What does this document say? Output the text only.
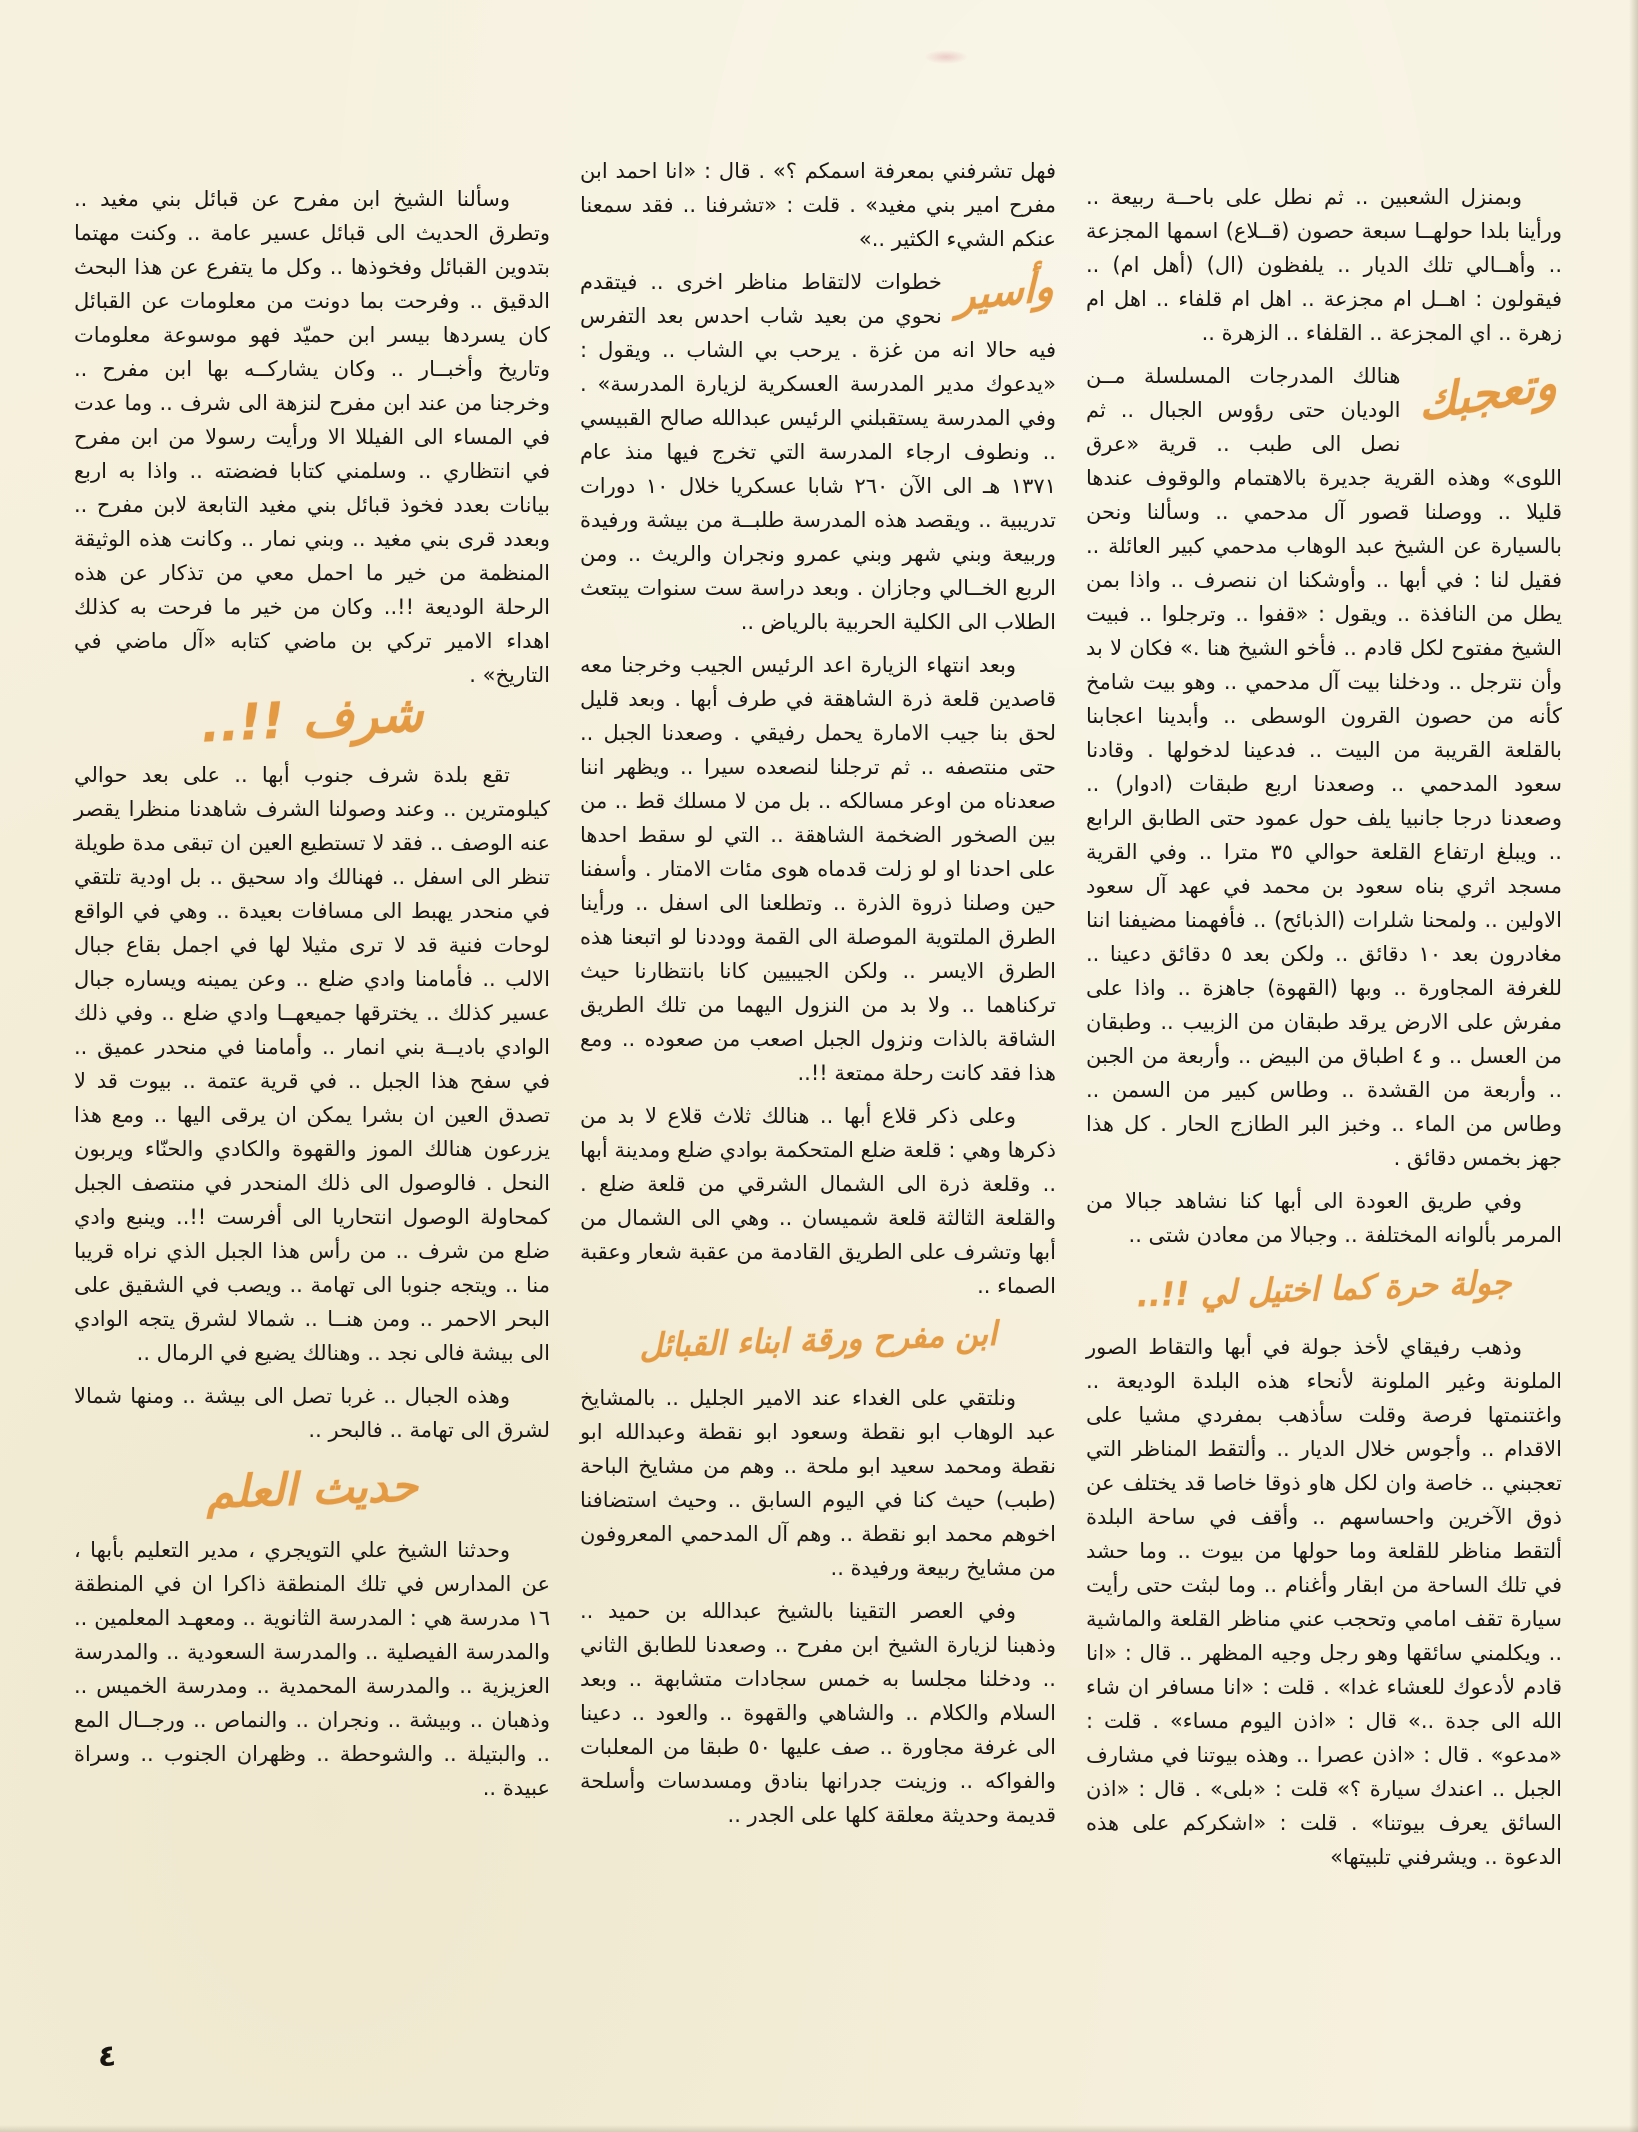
وبمنزل الشعبين .. ثم نطل على باحــة ربيعة .. ورأينا بلدا حولهــا سبعة حصون (قــلاع) اسمها المجزعة .. وأهــالي تلك الديار .. يلفظون (ال) (أهل ام) .. فيقولون : اهــل ام مجزعة .. اهل ام قلفاء .. اهل ام زهرة .. اي المجزعة .. القلفاء .. الزهرة ..

وتعجبك
هنالك المدرجات المسلسلة مــن الوديان حتى رؤوس الجبال .. ثم نصل الى طبب .. قرية «عرق اللوى» وهذه القرية جديرة بالاهتمام والوقوف عندها قليلا .. ووصلنا قصور آل مدحمي .. وسألنا ونحن بالسيارة عن الشيخ عبد الوهاب مدحمي كبير العائلة .. فقيل لنا : في أبها .. وأوشكنا ان ننصرف .. واذا بمن يطل من النافذة .. ويقول : «قفوا .. وترجلوا .. فبيت الشيخ مفتوح لكل قادم .. فأخو الشيخ هنا .» فكان لا بد وأن نترجل .. ودخلنا بيت آل مدحمي .. وهو بيت شامخ كأنه من حصون القرون الوسطى .. وأبدينا اعجابنا بالقلعة القريبة من البيت .. فدعينا لدخولها . وقادنا سعود المدحمي .. وصعدنا اربع طبقات (ادوار) .. وصعدنا درجا جانبيا يلف حول عمود حتى الطابق الرابع .. ويبلغ ارتفاع القلعة حوالي ٣٥ مترا .. وفي القرية مسجد اثري بناه سعود بن محمد في عهد آل سعود الاولين .. ولمحنا شلرات (الذبائح) .. فأفهمنا مضيفنا اننا مغادرون بعد ١٠ دقائق .. ولكن بعد ٥ دقائق دعينا .. للغرفة المجاورة .. وبها (القهوة) جاهزة .. واذا على مفرش على الارض يرقد طبقان من الزبيب .. وطبقان من العسل .. و ٤ اطباق من البيض .. وأربعة من الجبن .. وأربعة من القشدة .. وطاس كبير من السمن .. وطاس من الماء .. وخبز البر الطازج الحار . كل هذا جهز بخمس دقائق .

وفي طريق العودة الى أبها كنا نشاهد جبالا من المرمر بألوانه المختلفة .. وجبالا من معادن شتى ..

جولة حرة كما اختيل لي !!..

وذهب رفيقاي لأخذ جولة في أبها والتقاط الصور الملونة وغير الملونة لأنحاء هذه البلدة الوديعة .. واغتنمتها فرصة وقلت سأذهب بمفردي مشيا على الاقدام .. وأجوس خلال الديار .. وألتقط المناظر التي تعجبني .. خاصة وان لكل هاو ذوقا خاصا قد يختلف عن ذوق الآخرين واحساسهم .. وأقف في ساحة البلدة ألتقط مناظر للقلعة وما حولها من بيوت .. وما حشد في تلك الساحة من ابقار وأغنام .. وما لبثت حتى رأيت سيارة تقف امامي وتحجب عني مناظر القلعة والماشية .. ويكلمني سائقها وهو رجل وجيه المظهر .. قال : «انا قادم لأدعوك للعشاء غدا» . قلت : «انا مسافر ان شاء الله الى جدة ..» قال : «اذن اليوم مساء» . قلت : «مدعو» . قال : «اذن عصرا .. وهذه بيوتنا في مشارف الجبل .. اعندك سيارة ؟» قلت : «بلى» . قال : «اذن السائق يعرف بيوتنا» . قلت : «اشكركم على هذه الدعوة .. ويشرفني تلبيتها»

فهل تشرفني بمعرفة اسمكم ؟» . قال : «انا احمد ابن مفرح امير بني مغيد» . قلت : «تشرفنا .. فقد سمعنا عنكم الشيء الكثير ..»

وأسير
خطوات لالتقاط مناظر اخرى .. فيتقدم نحوي من بعيد شاب احدس بعد التفرس فيه حالا انه من غزة . يرحب بي الشاب .. ويقول : «يدعوك مدير المدرسة العسكرية لزيارة المدرسة» . وفي المدرسة يستقبلني الرئيس عبدالله صالح القبيسي .. ونطوف ارجاء المدرسة التي تخرج فيها منذ عام ١٣٧١ هـ الى الآن ٢٦٠ شابا عسكريا خلال ١٠ دورات تدريبية .. ويقصد هذه المدرسة طلبــة من بيشة ورفيدة وربيعة وبني شهر وبني عمرو ونجران والريث .. ومن الربع الخــالي وجازان . وبعد دراسة ست سنوات يبتعث الطلاب الى الكلية الحربية بالرياض ..

وبعد انتهاء الزيارة اعد الرئيس الجيب وخرجنا معه قاصدين قلعة ذرة الشاهقة في طرف أبها . وبعد قليل لحق بنا جيب الامارة يحمل رفيقي . وصعدنا الجبل .. حتى منتصفه .. ثم ترجلنا لنصعده سيرا .. ويظهر اننا صعدناه من اوعر مسالكه .. بل من لا مسلك قط .. من بين الصخور الضخمة الشاهقة .. التي لو سقط احدها على احدنا او لو زلت قدماه هوى مئات الامتار . وأسفنا حين وصلنا ذروة الذرة .. وتطلعنا الى اسفل .. ورأينا الطرق الملتوية الموصلة الى القمة ووددنا لو اتبعنا هذه الطرق الايسر .. ولكن الجيبيين كانا بانتظارنا حيث تركناهما .. ولا بد من النزول اليهما من تلك الطريق الشاقة بالذات ونزول الجبل اصعب من صعوده .. ومع هذا فقد كانت رحلة ممتعة !!..

وعلى ذكر قلاع أبها .. هنالك ثلاث قلاع لا بد من ذكرها وهي : قلعة ضلع المتحكمة بوادي ضلع ومدينة أبها .. وقلعة ذرة الى الشمال الشرقي من قلعة ضلع . والقلعة الثالثة قلعة شميسان .. وهي الى الشمال من أبها وتشرف على الطريق القادمة من عقبة شعار وعقبة الصماء ..

ابن مفرح ورقة ابناء القبائل

ونلتقي على الغداء عند الامير الجليل .. بالمشايخ عبد الوهاب ابو نقطة وسعود ابو نقطة وعبدالله ابو نقطة ومحمد سعيد ابو ملحة .. وهم من مشايخ الباحة (طبب) حيث كنا في اليوم السابق .. وحيث استضافنا اخوهم محمد ابو نقطة .. وهم آل المدحمي المعروفون من مشايخ ربيعة ورفيدة ..

وفي العصر التقينا بالشيخ عبدالله بن حميد .. وذهبنا لزيارة الشيخ ابن مفرح .. وصعدنا للطابق الثاني .. ودخلنا مجلسا به خمس سجادات متشابهة .. وبعد السلام والكلام .. والشاهي والقهوة .. والعود .. دعينا الى غرفة مجاورة .. صف عليها ٥٠ طبقا من المعلبات والفواكه .. وزينت جدرانها بنادق ومسدسات وأسلحة قديمة وحديثة معلقة كلها على الجدر ..

وسألنا الشيخ ابن مفرح عن قبائل بني مغيد .. وتطرق الحديث الى قبائل عسير عامة .. وكنت مهتما بتدوين القبائل وفخوذها .. وكل ما يتفرع عن هذا البحث الدقيق .. وفرحت بما دونت من معلومات عن القبائل كان يسردها بيسر ابن حميّد فهو موسوعة معلومات وتاريخ وأخبــار .. وكان يشاركــه بها ابن مفرح .. وخرجنا من عند ابن مفرح لنزهة الى شرف .. وما عدت في المساء الى الفيللا الا ورأيت رسولا من ابن مفرح في انتظاري .. وسلمني كتابا فضضته .. واذا به اربع بيانات بعدد فخوذ قبائل بني مغيد التابعة لابن مفرح .. وبعدد قرى بني مغيد .. وبني نمار .. وكانت هذه الوثيقة المنظمة من خير ما احمل معي من تذكار عن هذه الرحلة الوديعة !!.. وكان من خير ما فرحت به كذلك اهداء الامير تركي بن ماضي كتابه «آل ماضي في التاريخ» .

شرف !!..

تقع بلدة شرف جنوب أبها .. على بعد حوالي كيلومترين .. وعند وصولنا الشرف شاهدنا منظرا يقصر عنه الوصف .. فقد لا تستطيع العين ان تبقى مدة طويلة تنظر الى اسفل .. فهنالك واد سحيق .. بل اودية تلتقي في منحدر يهبط الى مسافات بعيدة .. وهي في الواقع لوحات فنية قد لا ترى مثيلا لها في اجمل بقاع جبال الالب .. فأمامنا وادي ضلع .. وعن يمينه ويساره جبال عسير كذلك .. يخترقها جميعهــا وادي ضلع .. وفي ذلك الوادي باديــة بني انمار .. وأمامنا في منحدر عميق .. في سفح هذا الجبل .. في قرية عتمة .. بيوت قد لا تصدق العين ان بشرا يمكن ان يرقى اليها .. ومع هذا يزرعون هنالك الموز والقهوة والكادي والحنّاء ويربون النحل . فالوصول الى ذلك المنحدر في منتصف الجبل كمحاولة الوصول انتحاريا الى أفرست !!.. وينبع وادي ضلع من شرف .. من رأس هذا الجبل الذي نراه قريبا منا .. ويتجه جنوبا الى تهامة .. ويصب في الشقيق على البحر الاحمر .. ومن هنــا .. شمالا لشرق يتجه الوادي الى بيشة فالى نجد .. وهنالك يضيع في الرمال ..

وهذه الجبال .. غربا تصل الى بيشة .. ومنها شمالا لشرق الى تهامة .. فالبحر ..

حديث العلم

وحدثنا الشيخ علي التويجري ، مدير التعليم بأبها ، عن المدارس في تلك المنطقة ذاكرا ان في المنطقة ١٦ مدرسة هي : المدرسة الثانوية .. ومعهـد المعلمين .. والمدرسة الفيصلية .. والمدرسة السعودية .. والمدرسة العزيزية .. والمدرسة المحمدية .. ومدرسة الخميس .. وذهبان .. وبيشة .. ونجران .. والنماص .. ورجــال المع .. والبتيلة .. والشوحطة .. وظهران الجنوب .. وسراة عبيدة ..

٤
